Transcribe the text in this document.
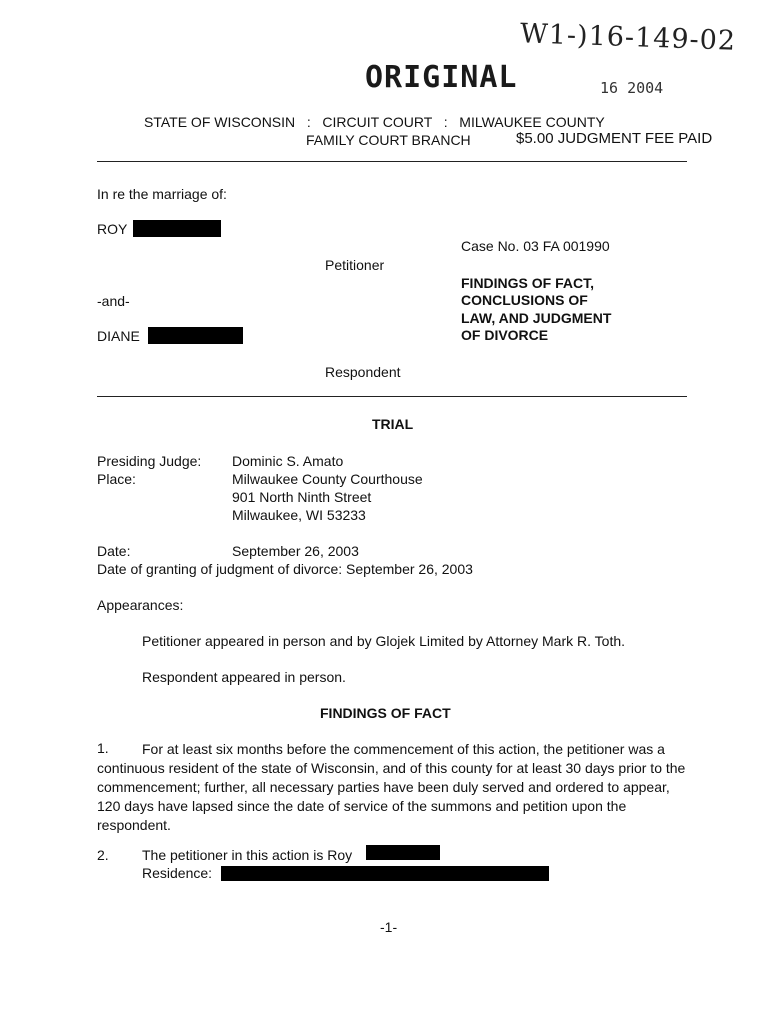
W1-)16-149-02
ORIGINAL	16 2004
STATE OF WISCONSIN   :   CIRCUIT COURT   :   MILWAUKEE COUNTY
FAMILY COURT BRANCH	$5.00 JUDGMENT FEE PAID
In re the marriage of:
ROY
Case No. 03 FA 001990
Petitioner
FINDINGS OF FACT,
CONCLUSIONS OF
LAW, AND JUDGMENT
OF DIVORCE
-and-
DIANE
Respondent
TRIAL
Presiding Judge: Dominic S. Amato
Place:	Milwaukee County Courthouse
901 North Ninth Street
Milwaukee, WI 53233
Date:	September 26, 2003
Date of granting of judgment of divorce: September 26, 2003
Appearances:
Petitioner appeared in person and by Glojek Limited by Attorney Mark R. Toth.
Respondent appeared in person.
FINDINGS OF FACT
1.	For at least six months before the commencement of this action, the petitioner was a continuous resident of the state of Wisconsin, and of this county for at least 30 days prior to the commencement; further, all necessary parties have been duly served and ordered to appear, 120 days have lapsed since the date of service of the summons and petition upon the respondent.
2. The petitioner in this action is Roy
Residence:
-1-
